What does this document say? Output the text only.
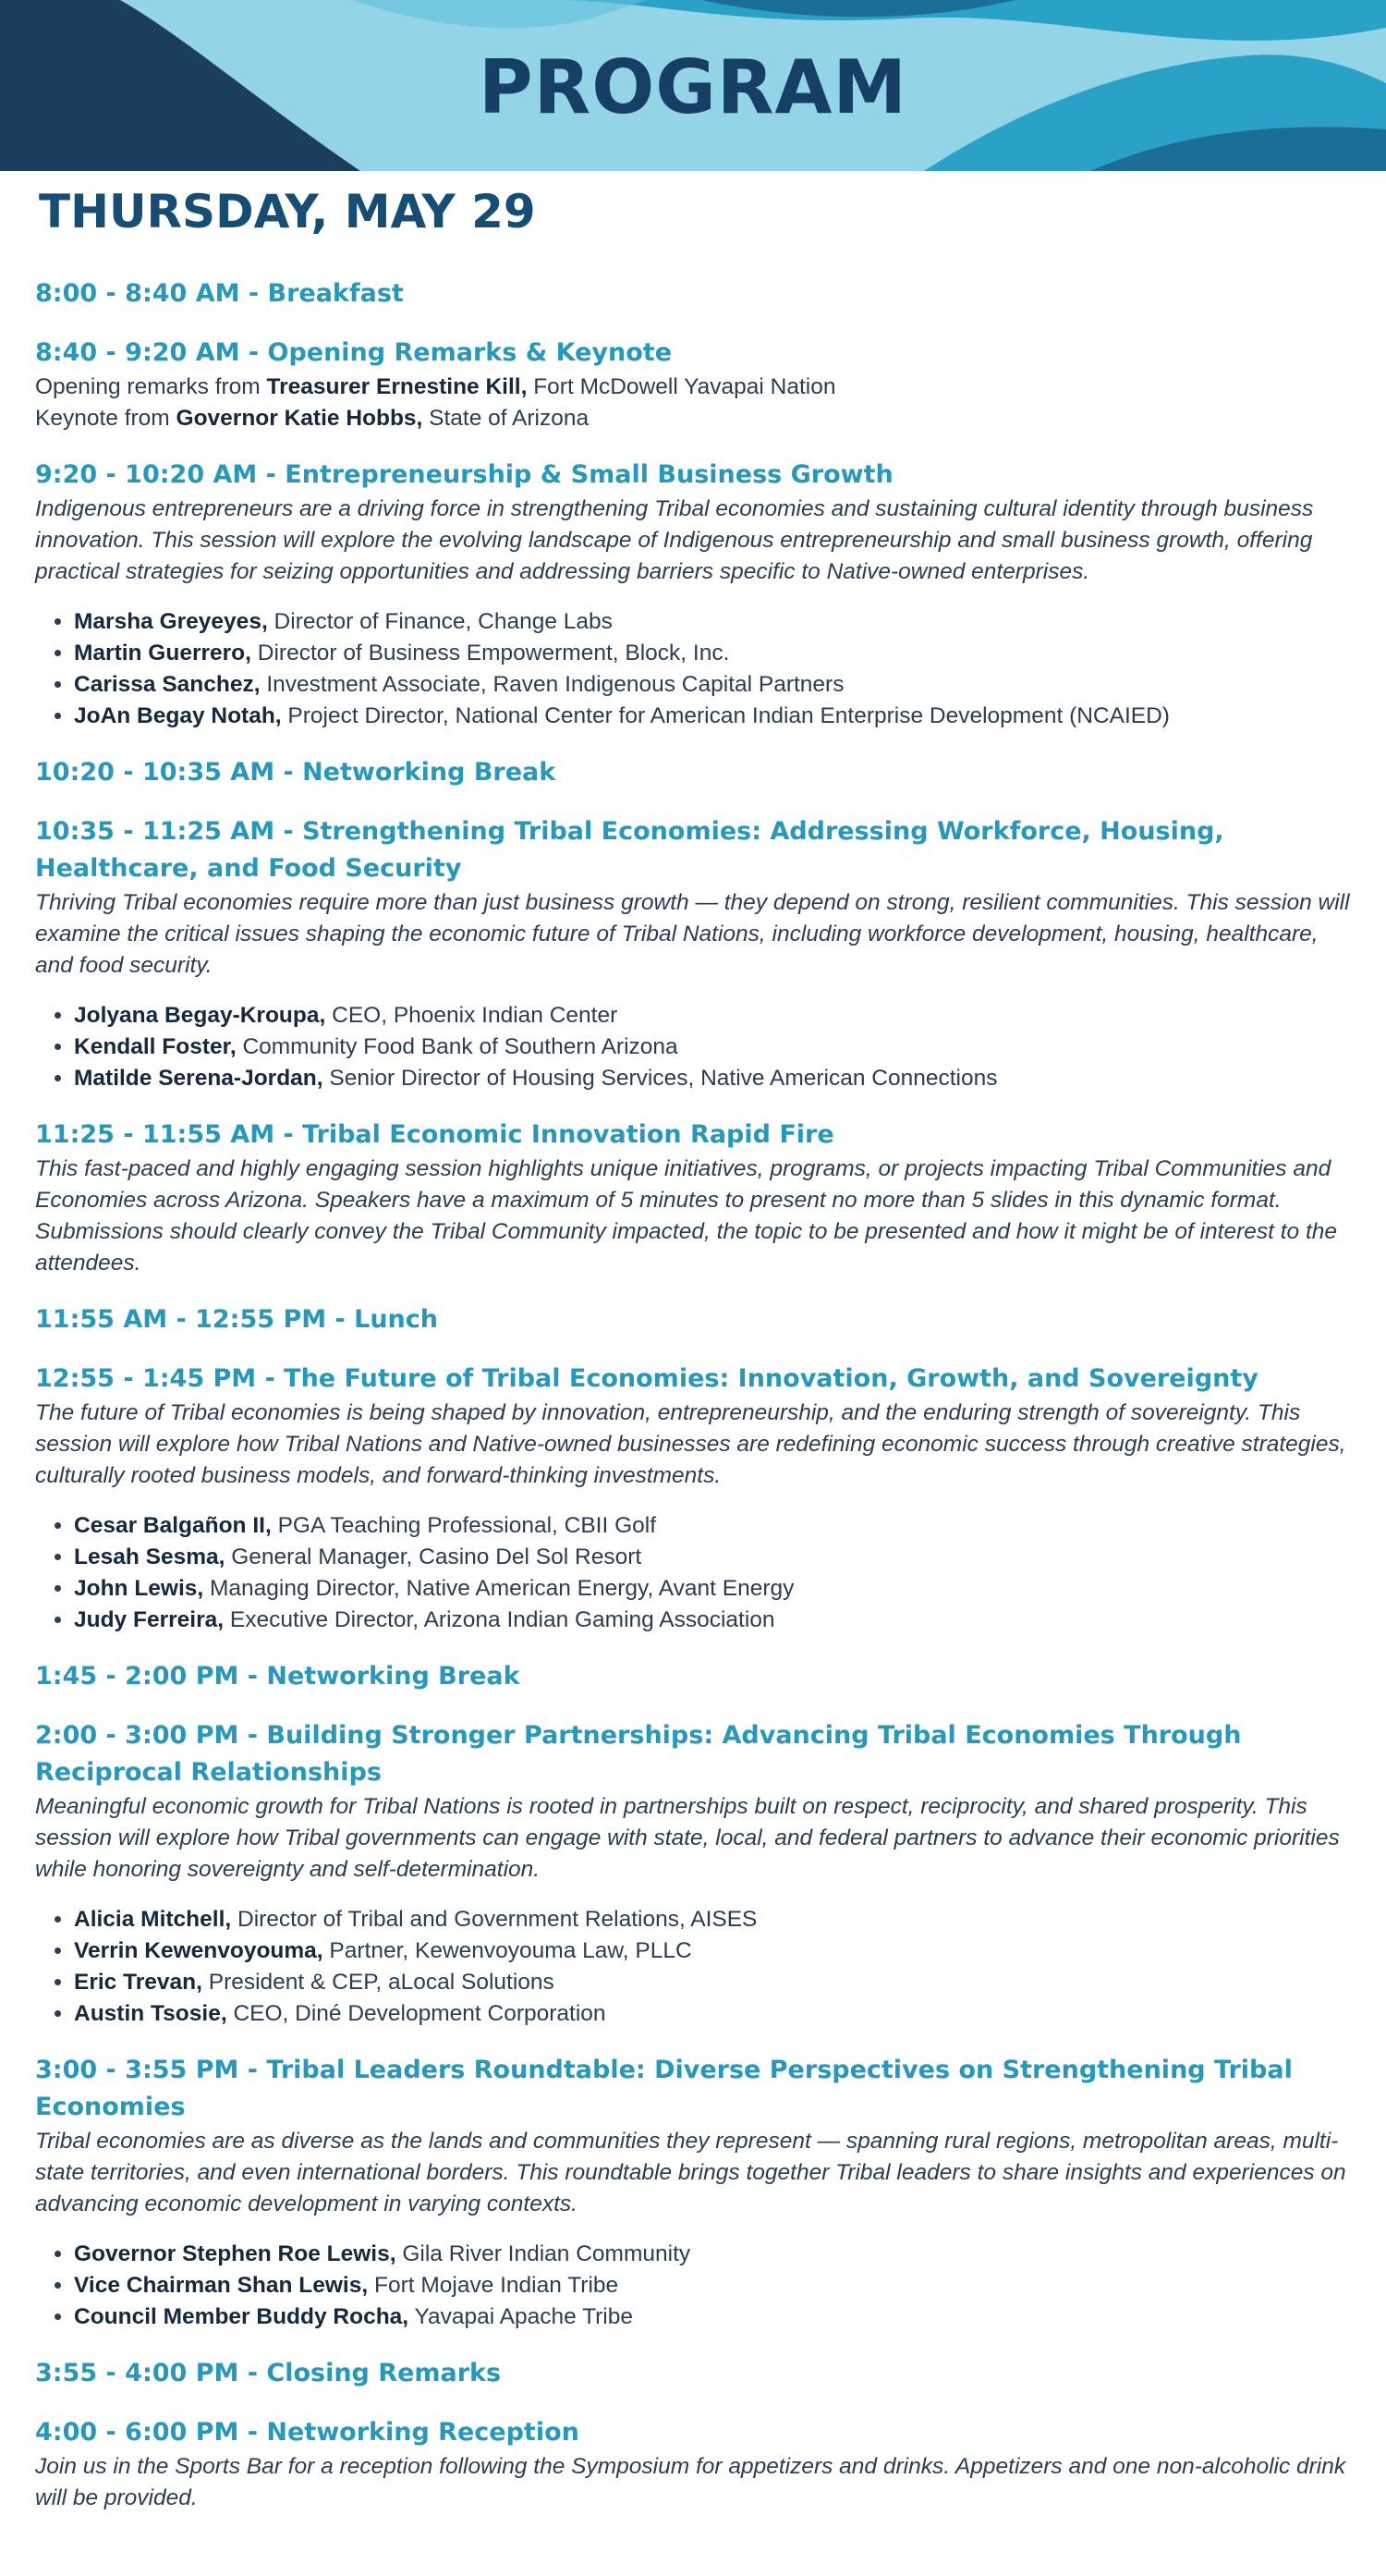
PROGRAM
THURSDAY, MAY 29
8:00 - 8:40 AM - Breakfast
8:40 - 9:20 AM - Opening Remarks & Keynote

Opening remarks from Treasurer Ernestine Kill, Fort McDowell Yavapai Nation

Keynote from Governor Katie Hobbs, State of Arizona

9:20 - 10:20 AM - Entrepreneurship & Small Business Growth

Indigenous entrepreneurs are a driving force in strengthening Tribal economies and sustaining cultural identity through business innovation. This session will explore the evolving landscape of Indigenous entrepreneurship and small business growth, offering practical strategies for seizing opportunities and addressing barriers specific to Native-owned enterprises.

• Marsha Greyeyes, Director of Finance, Change Labs
• Martin Guerrero, Director of Business Empowerment, Block, Inc.
• Carissa Sanchez, Investment Associate, Raven Indigenous Capital Partners
• JoAn Begay Notah, Project Director, National Center for American Indian Enterprise Development (NCAIED)
10:20 - 10:35 AM - Networking Break
10:35 - 11:25 AM - Strengthening Tribal Economies: Addressing Workforce, Housing, Healthcare, and Food Security

Thriving Tribal economies require more than just business growth — they depend on strong, resilient communities. This session will examine the critical issues shaping the economic future of Tribal Nations, including workforce development, housing, healthcare, and food security.

• Jolyana Begay-Kroupa, CEO, Phoenix Indian Center
• Kendall Foster, Community Food Bank of Southern Arizona
• Matilde Serena-Jordan, Senior Director of Housing Services, Native American Connections
11:25 - 11:55 AM - Tribal Economic Innovation Rapid Fire

This fast-paced and highly engaging session highlights unique initiatives, programs, or projects impacting Tribal Communities and Economies across Arizona. Speakers have a maximum of 5 minutes to present no more than 5 slides in this dynamic format. Submissions should clearly convey the Tribal Community impacted, the topic to be presented and how it might be of interest to the attendees.

11:55 AM - 12:55 PM - Lunch
12:55 - 1:45 PM - The Future of Tribal Economies: Innovation, Growth, and Sovereignty

The future of Tribal economies is being shaped by innovation, entrepreneurship, and the enduring strength of sovereignty. This session will explore how Tribal Nations and Native-owned businesses are redefining economic success through creative strategies, culturally rooted business models, and forward-thinking investments.

• Cesar Balgañon II, PGA Teaching Professional, CBII Golf
• Lesah Sesma, General Manager, Casino Del Sol Resort
• John Lewis, Managing Director, Native American Energy, Avant Energy
• Judy Ferreira, Executive Director, Arizona Indian Gaming Association
1:45 - 2:00 PM - Networking Break
2:00 - 3:00 PM - Building Stronger Partnerships: Advancing Tribal Economies Through Reciprocal Relationships

Meaningful economic growth for Tribal Nations is rooted in partnerships built on respect, reciprocity, and shared prosperity. This session will explore how Tribal governments can engage with state, local, and federal partners to advance their economic priorities while honoring sovereignty and self-determination.

• Alicia Mitchell, Director of Tribal and Government Relations, AISES
• Verrin Kewenvoyouma, Partner, Kewenvoyouma Law, PLLC
• Eric Trevan, President & CEP, aLocal Solutions
• Austin Tsosie, CEO, Diné Development Corporation
3:00 - 3:55 PM - Tribal Leaders Roundtable: Diverse Perspectives on Strengthening Tribal Economies

Tribal economies are as diverse as the lands and communities they represent — spanning rural regions, metropolitan areas, multi-state territories, and even international borders. This roundtable brings together Tribal leaders to share insights and experiences on advancing economic development in varying contexts.

• Governor Stephen Roe Lewis, Gila River Indian Community
• Vice Chairman Shan Lewis, Fort Mojave Indian Tribe
• Council Member Buddy Rocha, Yavapai Apache Tribe
3:55 - 4:00 PM - Closing Remarks
4:00 - 6:00 PM - Networking Reception

Join us in the Sports Bar for a reception following the Symposium for appetizers and drinks. Appetizers and one non-alcoholic drink will be provided.
